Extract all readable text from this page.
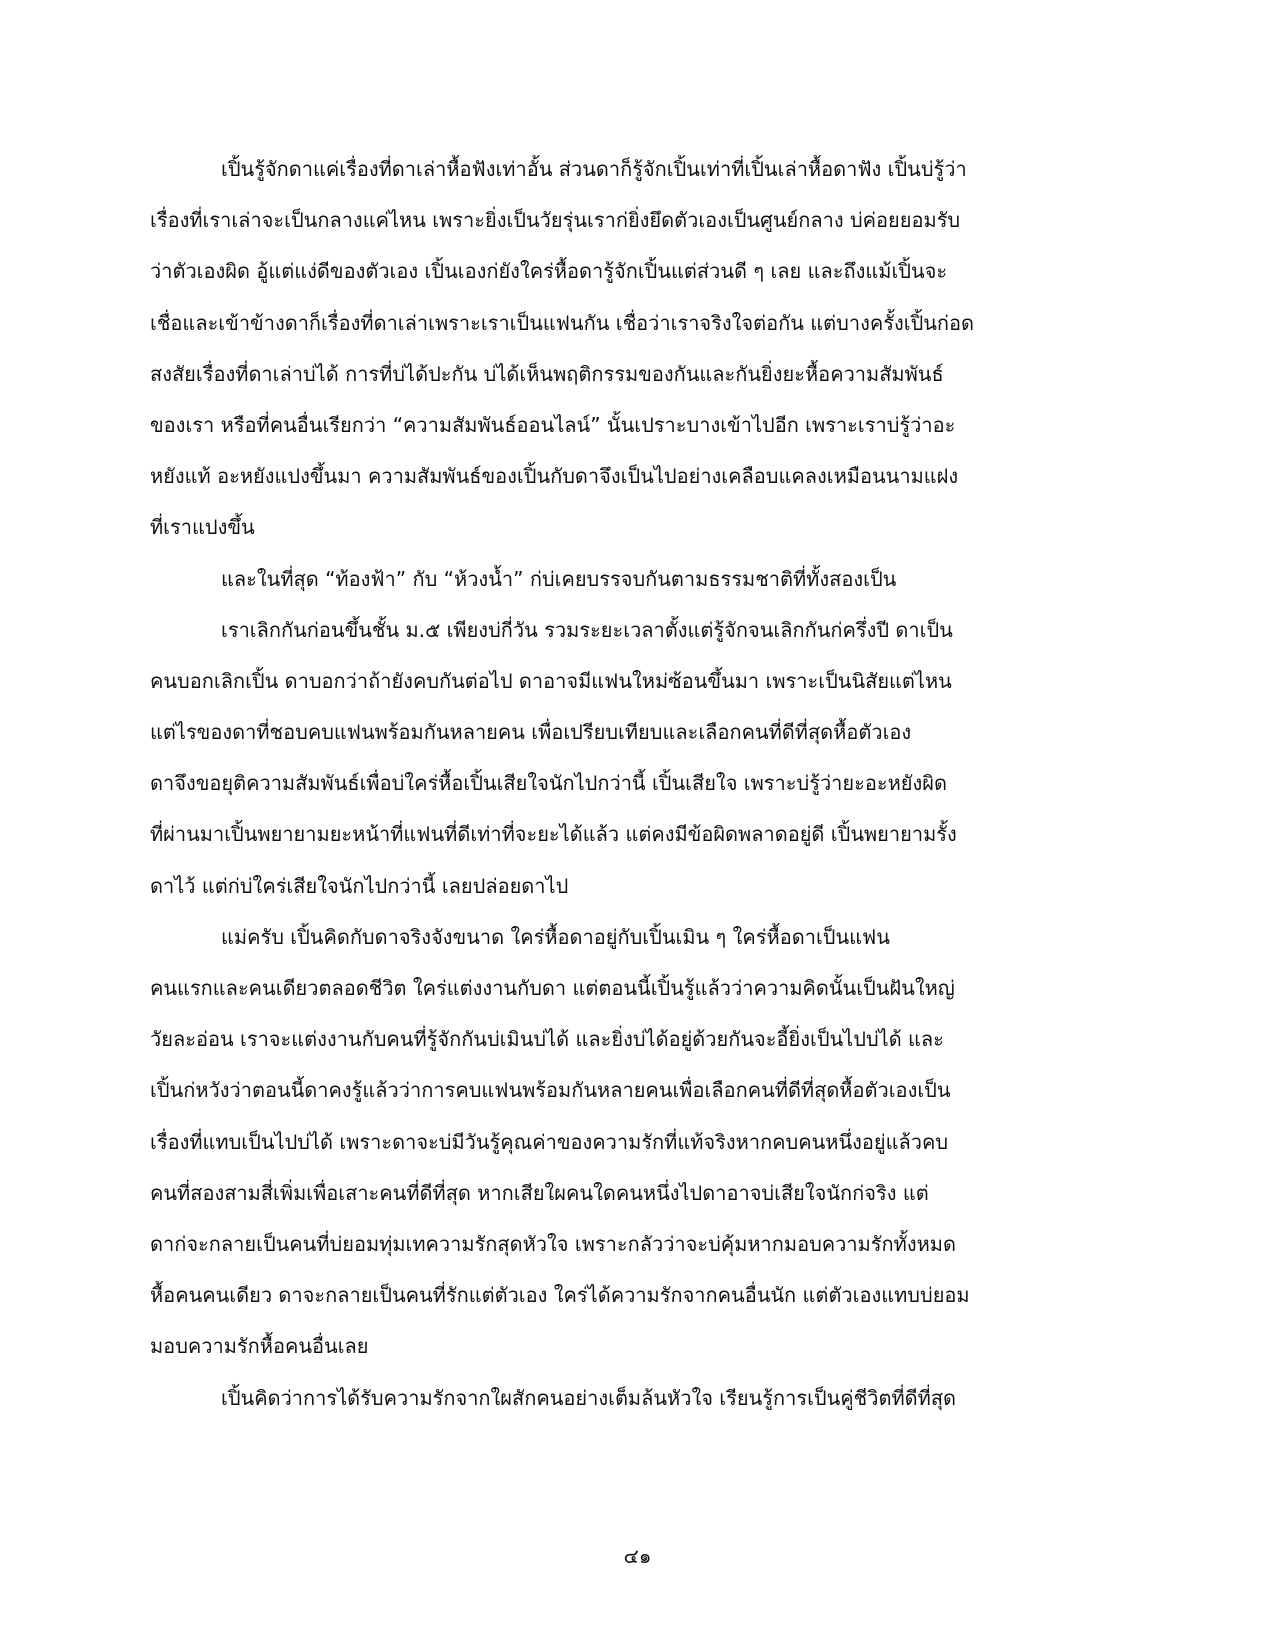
เปิ้นรู้จักดาแค่เรื่องที่ดาเล่าหื้อฟังเท่าอั้น ส่วนดาก็รู้จักเปิ้นเท่าที่เปิ้นเล่าหื้อดาฟัง เปิ้นบ่รู้ว่า
เรื่องที่เราเล่าจะเป็นกลางแค่ไหน เพราะยิ่งเป็นวัยรุ่นเราก่ยิ่งยึดตัวเองเป็นศูนย์กลาง บ่ค่อยยอมรับ
ว่าตัวเองผิด อู้แต่แง่ดีของตัวเอง เปิ้นเองก่ยังใคร่หื้อดารู้จักเปิ้นแต่ส่วนดี ๆ เลย และถึงแม้เปิ้นจะ
เชื่อและเข้าข้างดาก็เรื่องที่ดาเล่าเพราะเราเป็นแฟนกัน เชื่อว่าเราจริงใจต่อกัน แต่บางครั้งเปิ้นก่อด
สงสัยเรื่องที่ดาเล่าบ่ได้ การที่บ่ได้ปะกัน บ่ได้เห็นพฤติกรรมของกันและกันยิ่งยะหื้อความสัมพันธ์
ของเรา หรือที่คนอื่นเรียกว่า “ความสัมพันธ์ออนไลน์” นั้นเปราะบางเข้าไปอีก เพราะเราบ่รู้ว่าอะ
หยังแท้ อะหยังแปงขึ้นมา ความสัมพันธ์ของเปิ้นกับดาจึงเป็นไปอย่างเคลือบแคลงเหมือนนามแฝง
ที่เราแปงขึ้น
และในที่สุด “ท้องฟ้า” กับ “ห้วงน้ำ” ก่บ่เคยบรรจบกันตามธรรมชาติที่ทั้งสองเป็น
เราเลิกกันก่อนขึ้นชั้น ม.๕ เพียงบ่กี่วัน รวมระยะเวลาตั้งแต่รู้จักจนเลิกกันก่ครึ่งปี ดาเป็น
คนบอกเลิกเปิ้น ดาบอกว่าถ้ายังคบกันต่อไป ดาอาจมีแฟนใหม่ซ้อนขึ้นมา เพราะเป็นนิสัยแต่ไหน
แต่ไรของดาที่ชอบคบแฟนพร้อมกันหลายคน เพื่อเปรียบเทียบและเลือกคนที่ดีที่สุดหื้อตัวเอง
ดาจึงขอยุติความสัมพันธ์เพื่อบ่ใคร่หื้อเปิ้นเสียใจนักไปกว่านี้ เปิ้นเสียใจ เพราะบ่รู้ว่ายะอะหยังผิด
ที่ผ่านมาเปิ้นพยายามยะหน้าที่แฟนที่ดีเท่าที่จะยะได้แล้ว แต่คงมีข้อผิดพลาดอยู่ดี เปิ้นพยายามรั้ง
ดาไว้ แต่ก่บ่ใคร่เสียใจนักไปกว่านี้ เลยปล่อยดาไป
แม่ครับ เปิ้นคิดกับดาจริงจังขนาด ใคร่หื้อดาอยู่กับเปิ้นเมิน ๆ ใคร่หื้อดาเป็นแฟน
คนแรกและคนเดียวตลอดชีวิต ใคร่แต่งงานกับดา แต่ตอนนี้เปิ้นรู้แล้วว่าความคิดนั้นเป็นฝันใหญ่
วัยละอ่อน เราจะแต่งงานกับคนที่รู้จักกันบ่เมินบ่ได้ และยิ่งบ่ได้อยู่ด้วยกันจะอี้ยิ่งเป็นไปบ่ได้ และ
เปิ้นก่หวังว่าตอนนี้ดาคงรู้แล้วว่าการคบแฟนพร้อมกันหลายคนเพื่อเลือกคนที่ดีที่สุดหื้อตัวเองเป็น
เรื่องที่แทบเป็นไปบ่ได้ เพราะดาจะบ่มีวันรู้คุณค่าของความรักที่แท้จริงหากคบคนหนึ่งอยู่แล้วคบ
คนที่สองสามสี่เพิ่มเพื่อเสาะคนที่ดีที่สุด หากเสียใผคนใดคนหนึ่งไปดาอาจบ่เสียใจนักก่จริง แต่
ดาก่จะกลายเป็นคนที่บ่ยอมทุ่มเทความรักสุดหัวใจ เพราะกลัวว่าจะบ่คุ้มหากมอบความรักทั้งหมด
หื้อคนคนเดียว ดาจะกลายเป็นคนที่รักแต่ตัวเอง ใคร่ได้ความรักจากคนอื่นนัก แต่ตัวเองแทบบ่ยอม
มอบความรักหื้อคนอื่นเลย
เปิ้นคิดว่าการได้รับความรักจากใผสักคนอย่างเต็มล้นหัวใจ เรียนรู้การเป็นคู่ชีวิตที่ดีที่สุด
๔๑
